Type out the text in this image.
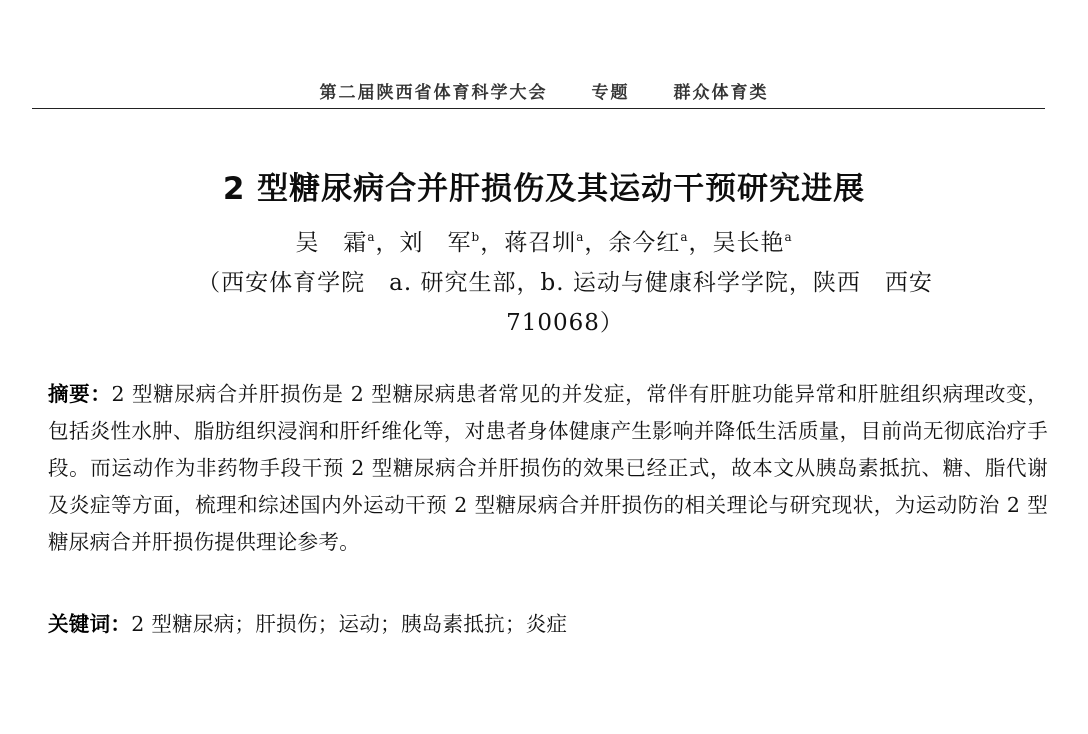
第二届陕西省体育科学大会	专题	群众体育类
2 型糖尿病合并肝损伤及其运动干预研究进展
吴　霜$^a$，刘　军$^b$，蒋召圳$^a$，余今红$^a$，吴长艳$^a$
（西安体育学院　a. 研究生部，b. 运动与健康科学学院，陕西　西安　710068）
摘要：2 型糖尿病合并肝损伤是 2 型糖尿病患者常见的并发症，常伴有肝脏功能异常和肝脏组织病理改变，包括炎性水肿、脂肪组织浸润和肝纤维化等，对患者身体健康产生影响并降低生活质量，目前尚无彻底治疗手段。而运动作为非药物手段干预 2 型糖尿病合并肝损伤的效果已经正式，故本文从胰岛素抵抗、糖、脂代谢及炎症等方面，梳理和综述国内外运动干预 2 型糖尿病合并肝损伤的相关理论与研究现状，为运动防治 2 型糖尿病合并肝损伤提供理论参考。
关键词：2 型糖尿病；肝损伤；运动；胰岛素抵抗；炎症
